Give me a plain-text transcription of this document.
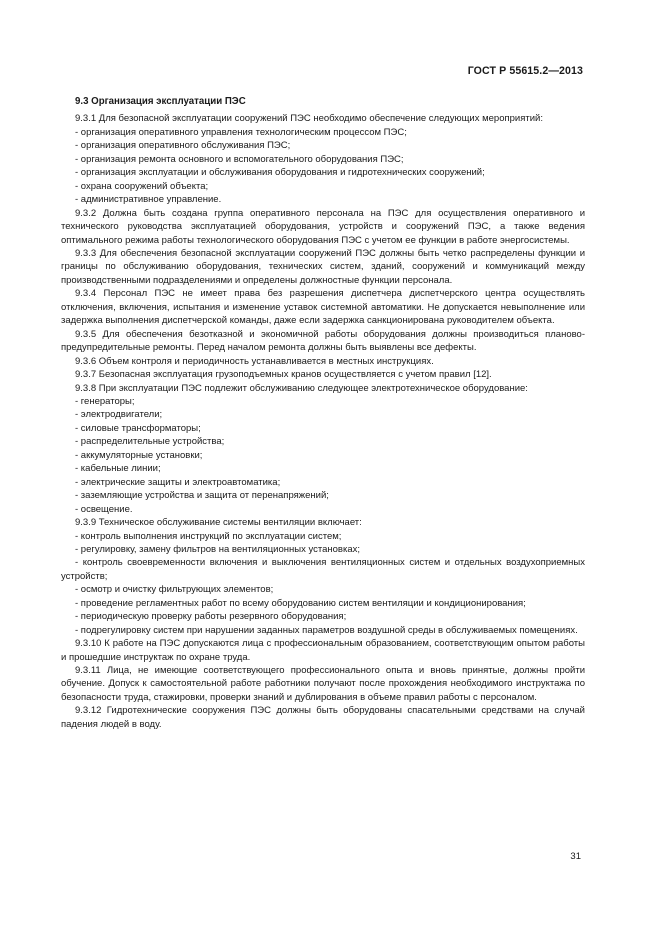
ГОСТ Р 55615.2—2013
9.3 Организация эксплуатации ПЭС
9.3.1 Для безопасной эксплуатации сооружений ПЭС необходимо обеспечение следующих мероприятий:
- организация оперативного управления технологическим процессом ПЭС;
- организация оперативного обслуживания ПЭС;
- организация ремонта основного и вспомогательного оборудования ПЭС;
- организация эксплуатации и обслуживания оборудования и гидротехнических сооружений;
- охрана сооружений объекта;
- административное управление.
9.3.2 Должна быть создана группа оперативного персонала на ПЭС для осуществления оперативного и технического руководства эксплуатацией оборудования, устройств и сооружений ПЭС, а также ведения оптимального режима работы технологического оборудования ПЭС с учетом ее функции в работе энергосистемы.
9.3.3 Для обеспечения безопасной эксплуатации сооружений ПЭС должны быть четко распределены функции и границы по обслуживанию оборудования, технических систем, зданий, сооружений и коммуникаций между производственными подразделениями и определены должностные функции персонала.
9.3.4 Персонал ПЭС не имеет права без разрешения диспетчера диспетчерского центра осуществлять отключения, включения, испытания и изменение уставок системной автоматики. Не допускается невыполнение или задержка выполнения диспетчерской команды, даже если задержка санкционирована руководителем объекта.
9.3.5 Для обеспечения безотказной и экономичной работы оборудования должны производиться планово-предупредительные ремонты. Перед началом ремонта должны быть выявлены все дефекты.
9.3.6 Объем контроля и периодичность устанавливается в местных инструкциях.
9.3.7 Безопасная эксплуатация грузоподъемных кранов осуществляется с учетом правил [12].
9.3.8 При эксплуатации ПЭС подлежит обслуживанию следующее электротехническое оборудование:
- генераторы;
- электродвигатели;
- силовые трансформаторы;
- распределительные устройства;
- аккумуляторные установки;
- кабельные линии;
- электрические защиты и электроавтоматика;
- заземляющие устройства и защита от перенапряжений;
- освещение.
9.3.9 Техническое обслуживание системы вентиляции включает:
- контроль выполнения инструкций по эксплуатации систем;
- регулировку, замену фильтров на вентиляционных установках;
- контроль своевременности включения и выключения вентиляционных систем и отдельных воздухоприемных устройств;
- осмотр и очистку фильтрующих элементов;
- проведение регламентных работ по всему оборудованию систем вентиляции и кондиционирования;
- периодическую проверку работы резервного оборудования;
- подрегулировку систем при нарушении заданных параметров воздушной среды в обслуживаемых помещениях.
9.3.10 К работе на ПЭС допускаются лица с профессиональным образованием, соответствующим опытом работы и прошедшие инструктаж по охране труда.
9.3.11 Лица, не имеющие соответствующего профессионального опыта и вновь принятые, должны пройти обучение. Допуск к самостоятельной работе работники получают после прохождения необходимого инструктажа по безопасности труда, стажировки, проверки знаний и дублирования в объеме правил работы с персоналом.
9.3.12 Гидротехнические сооружения ПЭС должны быть оборудованы спасательными средствами на случай падения людей в воду.
31
